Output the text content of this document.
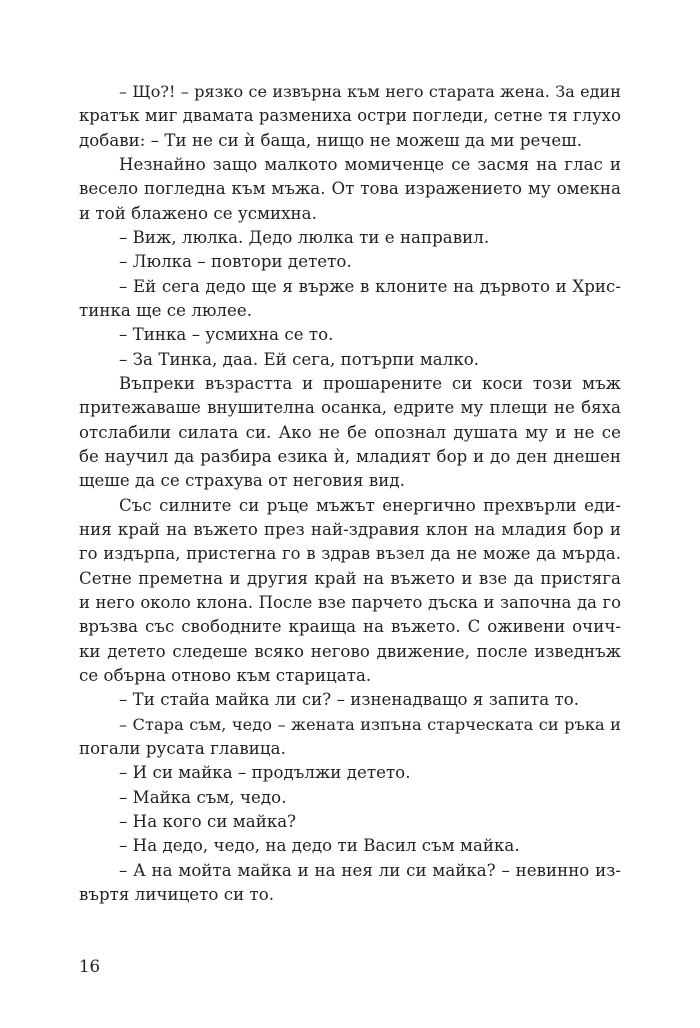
– Що?! – рязко се извърна към него старата жена. За един
кратък миг двамата размениха остри погледи, сетне тя глухо
добави: – Ти не си ѝ баща, нищо не можеш да ми речеш.
Незнайно защо малкото момиченце се засмя на глас и
весело погледна към мъжа. От това изражението му омекна
и той блажено се усмихна.
– Виж, люлка. Дедо люлка ти е направил.
– Люлка – повтори детето.
– Ей сега дедо ще я върже в клоните на дървото и Хрис-
тинка ще се люлее.
– Тинка – усмихна се то.
– За Тинка, даа. Ей сега, потърпи малко.
Въпреки възрастта и прошарените си коси този мъж
притежаваше внушителна осанка, едрите му плещи не бяха
отслабили силата си. Ако не бе опознал душата му и не се
бе научил да разбира езика ѝ, младият бор и до ден днешен
щеше да се страхува от неговия вид.
Със силните си ръце мъжът енергично прехвърли еди-
ния край на въжето през най-здравия клон на младия бор и
го издърпа, пристегна го в здрав възел да не може да мърда.
Сетне преметна и другия край на въжето и взе да пристяга
и него около клона. После взе парчето дъска и започна да го
връзва със свободните краища на въжето. С оживени очич-
ки детето следеше всяко негово движение, после изведнъж
се обърна отново към старицата.
– Ти стайа майка ли си? – изненадващо я запита то.
– Стара съм, чедо – жената изпъна старческата си ръка и
погали русата главица.
– И си майка – продължи детето.
– Майка съм, чедо.
– На кого си майка?
– На дедо, чедо, на дедо ти Васил съм майка.
– А на мойта майка и на нея ли си майка? – невинно из-
въртя личицето си то.
16
